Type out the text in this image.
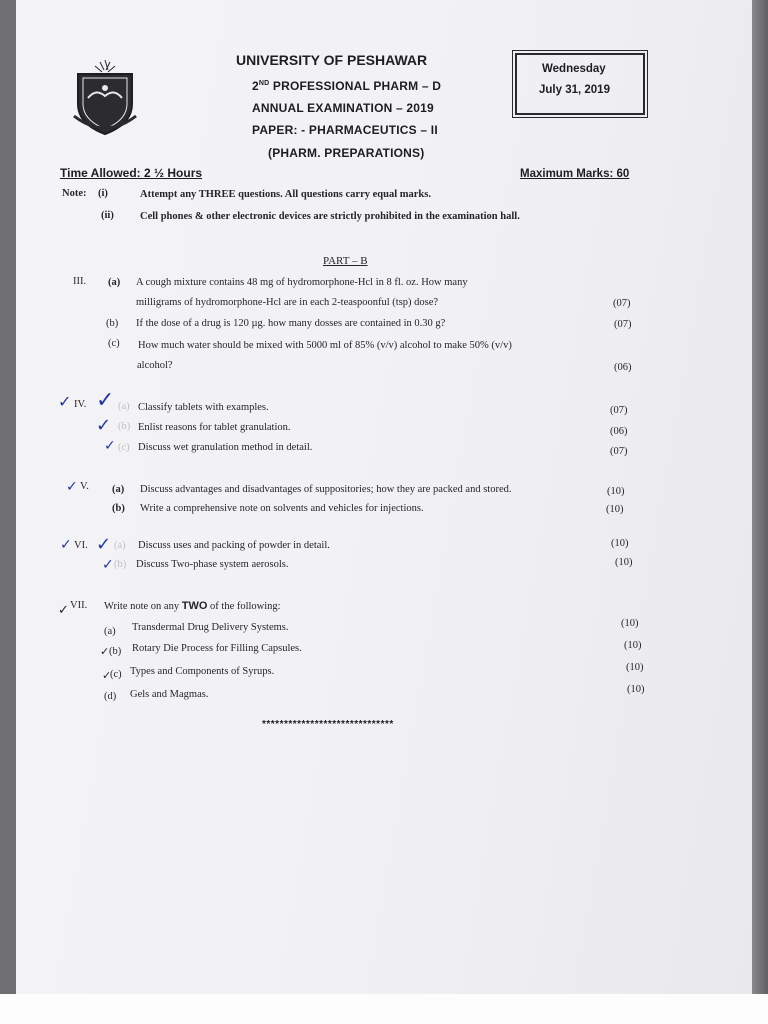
UNIVERSITY OF PESHAWAR
2ND PROFESSIONAL PHARM – D
ANNUAL EXAMINATION – 2019
PAPER: - PHARMACEUTICS – II
(PHARM. PREPARATIONS)
Wednesday
July 31, 2019
Time Allowed: 2 ½ Hours	Maximum Marks: 60
Note: (i)	Attempt any THREE questions. All questions carry equal marks.
(ii) Cell phones & other electronic devices are strictly prohibited in the examination hall.
PART – B
III. (a) A cough mixture contains 48 mg of hydromorphone-Hcl in 8 fl. oz. How many
milligrams of hydromorphone-Hcl are in each 2-teaspoonful (tsp) dose?	(07)
(b) If the dose of a drug is 120 µg. how many dosses are contained in 0.30 g?	(07)
(c) How much water should be mixed with 5000 ml of 85% (v/v) alcohol to make 50% (v/v)
alcohol?	(06)
✓ IV. ✓ (a) Classify tablets with examples.	(07)
✓ (b) Enlist reasons for tablet granulation.	(06)
✓ (c) Discuss wet granulation method in detail.	(07)
✓ V. (a) Discuss advantages and disadvantages of suppositories; how they are packed and stored.	(10)
(b) Write a comprehensive note on solvents and vehicles for injections.	(10)
✓ VI. ✓ (a) Discuss uses and packing of powder in detail.	(10)
✓ (b) Discuss Two-phase system aerosols.	(10)
✓ VII. Write note on any TWO of the following:
(a) Transdermal Drug Delivery Systems.	(10)
✓ (b) Rotary Die Process for Filling Capsules.	(10)
✓
(c) Types and Components of Syrups.	(10)
(d) Gels and Magmas.	(10)
******************************
